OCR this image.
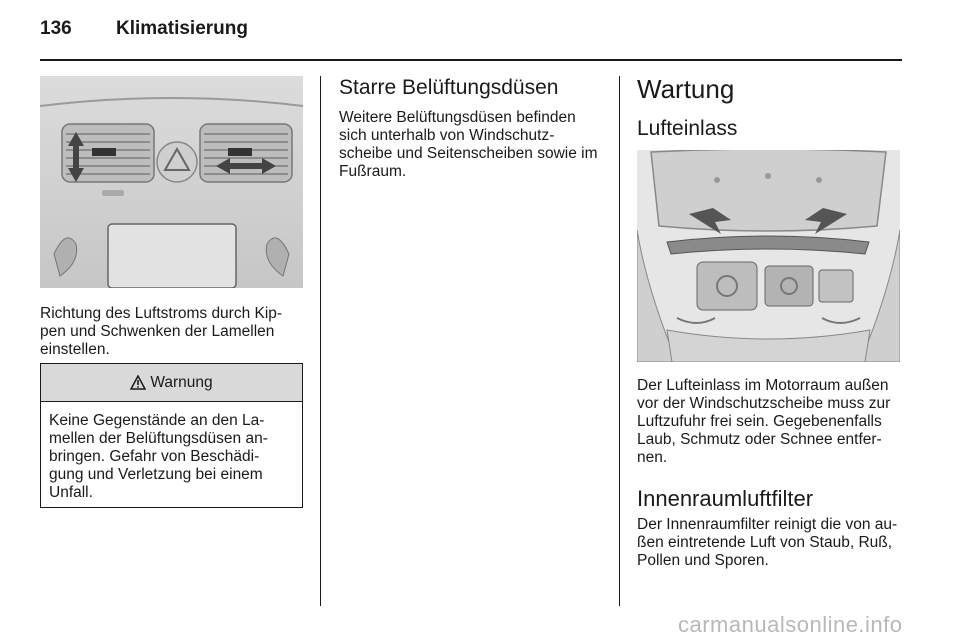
136 Klimatisierung
Richtung des Luftstroms durch Kip-
pen und Schwenken der Lamellen
einstellen.
Warnung
Keine Gegenstände an den La-
mellen der Belüftungsdüsen an-
bringen. Gefahr von Beschädi-
gung und Verletzung bei einem
Unfall.
Starre Belüftungsdüsen
Weitere Belüftungsdüsen befinden
sich unterhalb von Windschutz-
scheibe und Seitenscheiben sowie im
Fußraum.
Wartung
Lufteinlass
Der Lufteinlass im Motorraum außen
vor der Windschutzscheibe muss zur
Luftzufuhr frei sein. Gegebenenfalls
Laub, Schmutz oder Schnee entfer-
nen.
Innenraumluftfilter
Der Innenraumfilter reinigt die von au-
ßen eintretende Luft von Staub, Ruß,
Pollen und Sporen.
carmanualsonline.info
